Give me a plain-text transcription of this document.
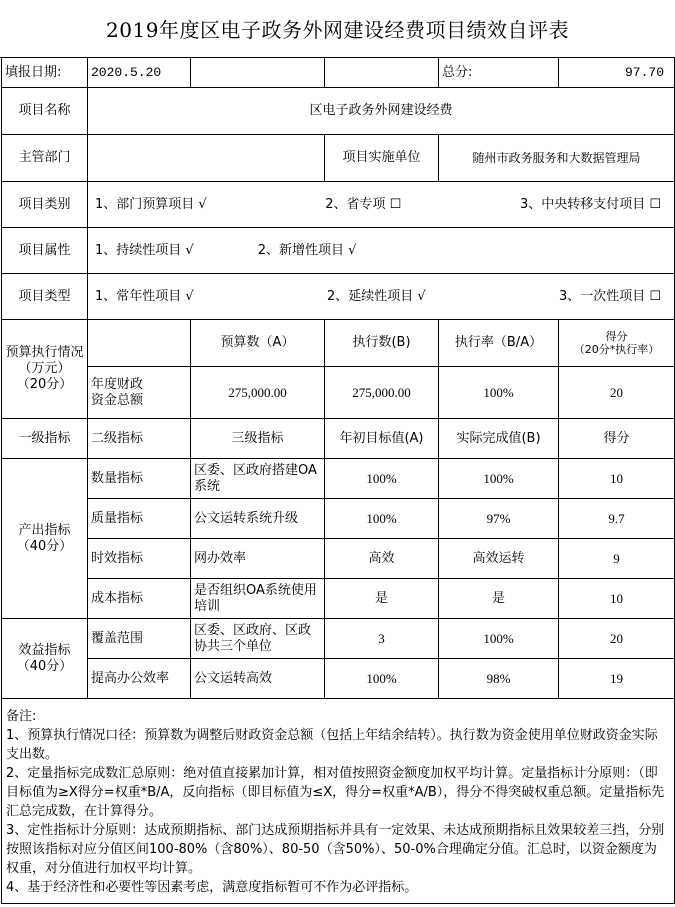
2019年度区电子政务外网建设经费项目绩效自评表
填报日期:	2020.5.20			总分:	97.70
项目名称	区电子政务外网建设经费				
主管部门			项目实施单位	随州市政务服务和大数据管理局	
项目类别	1、部门预算项目 √ 2、省专项 ☐ 3、中央转移支付项目 ☐				

项目属性	1、持续性项目 √ 2、新增性项目 √				

项目类型	1、常年性项目 √ 2、延续性项目 √ 3、一次性项目 ☐				

预算执行情况
（万元）
（20分）		预算数（A）	执行数(B)	执行率（B/A）	得分
（20分*执行率）

	年度财政
资金总额	275,000.00	275,000.00	100%	20
一级指标	二级指标	三级指标	年初目标值(A)	实际完成值(B)	得分

产出指标
（40分）	数量指标	区委、区政府搭建OA系统	100%	100%	10
	质量指标	公文运转系统升级	100%	97%	9.7
	时效指标	网办效率	高效	高效运转	9
	成本指标	是否组织OA系统使用培训	是	是	10

效益指标
（40分）	覆盖范围	区委、区政府、区政协共三个单位	3	100%	20
	提高办公效率	公文运转高效	100%	98%	19

备注:
1、预算执行情况口径：预算数为调整后财政资金总额（包括上年结余结转）。执行数为资金使用单位财政资金实际支出数。
2、定量指标完成数汇总原则：绝对值直接累加计算，相对值按照资金额度加权平均计算。定量指标计分原则：（即目标值为≥X得分=权重*B/A，反向指标（即目标值为≤X，得分=权重*A/B），得分不得突破权重总额。定量指标先汇总完成数，在计算得分。
3、定性指标计分原则：达成预期指标、部门达成预期指标并具有一定效果、未达成预期指标且效果较差三挡，分别按照该指标对应分值区间100-80%（含80%）、80-50（含50%）、50-0%合理确定分值。汇总时，以资金额度为权重，对分值进行加权平均计算。
4、基于经济性和必要性等因素考虑，满意度指标暂可不作为必评指标。					
